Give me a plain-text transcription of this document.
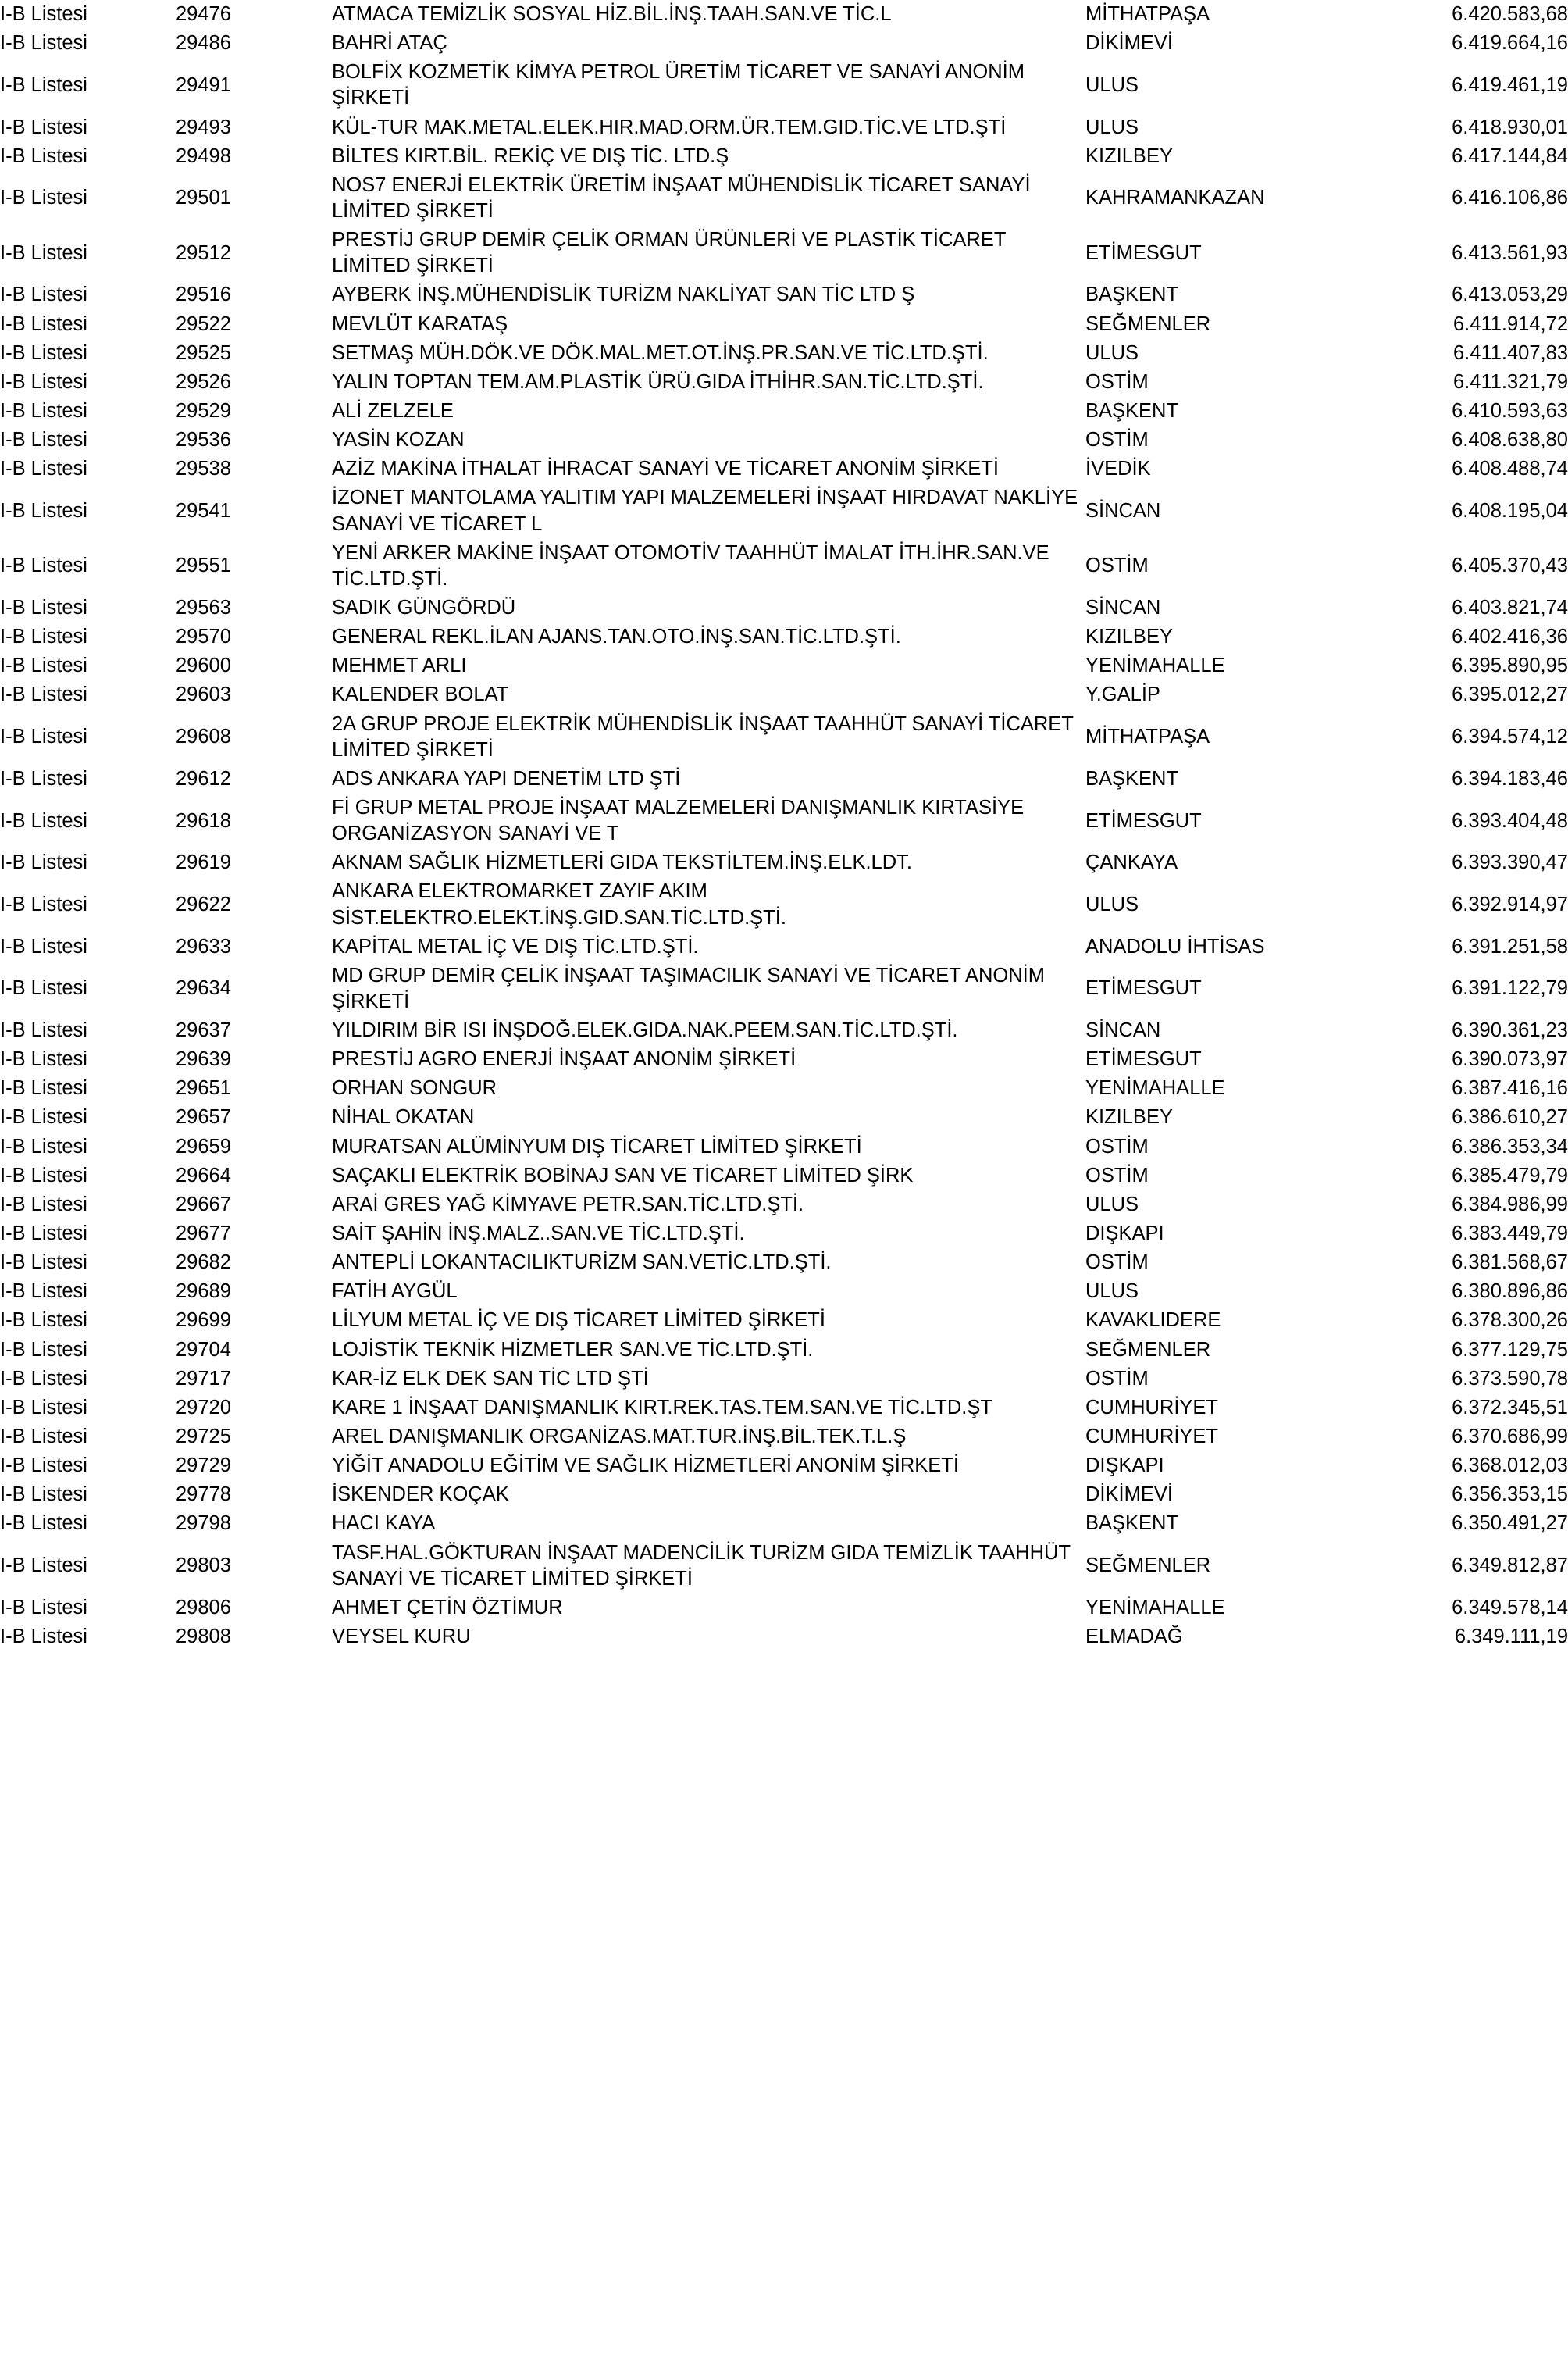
I-B Listesi	29476	ATMACA TEMİZLİK SOSYAL HİZ.BİL.İNŞ.TAAH.SAN.VE TİC.L	MİTHATPAŞA	6.420.583,68
I-B Listesi	29486	BAHRİ ATAÇ	DİKİMEVİ	6.419.664,16
I-B Listesi	29491	BOLFİX KOZMETİK KİMYA PETROL ÜRETİM TİCARET VE SANAYİ ANONİM ŞİRKETİ	ULUS	6.419.461,19
I-B Listesi	29493	KÜL-TUR MAK.METAL.ELEK.HIR.MAD.ORM.ÜR.TEM.GID.TİC.VE LTD.ŞTİ	ULUS	6.418.930,01
I-B Listesi	29498	BİLTES KIRT.BİL. REKİÇ VE DIŞ TİC. LTD.Ş	KIZILBEY	6.417.144,84
I-B Listesi	29501	NOS7 ENERJİ ELEKTRİK ÜRETİM İNŞAAT MÜHENDİSLİK TİCARET SANAYİ LİMİTED ŞİRKETİ	KAHRAMANKAZAN	6.416.106,86
I-B Listesi	29512	PRESTİJ GRUP DEMİR ÇELİK ORMAN ÜRÜNLERİ VE PLASTİK TİCARET LİMİTED ŞİRKETİ	ETİMESGUT	6.413.561,93
I-B Listesi	29516	AYBERK İNŞ.MÜHENDİSLİK TURİZM NAKLİYAT SAN TİC LTD Ş	BAŞKENT	6.413.053,29
I-B Listesi	29522	MEVLÜT KARATAŞ	SEĞMENLER	6.411.914,72
I-B Listesi	29525	SETMAŞ MÜH.DÖK.VE DÖK.MAL.MET.OT.İNŞ.PR.SAN.VE TİC.LTD.ŞTİ.	ULUS	6.411.407,83
I-B Listesi	29526	YALIN TOPTAN TEM.AM.PLASTİK ÜRÜ.GIDA İTHİHR.SAN.TİC.LTD.ŞTİ.	OSTİM	6.411.321,79
I-B Listesi	29529	ALİ ZELZELE	BAŞKENT	6.410.593,63
I-B Listesi	29536	YASİN KOZAN	OSTİM	6.408.638,80
I-B Listesi	29538	AZİZ MAKİNA İTHALAT İHRACAT SANAYİ VE TİCARET ANONİM ŞİRKETİ	İVEDİK	6.408.488,74
I-B Listesi	29541	İZONET MANTOLAMA YALITIM YAPI MALZEMELERİ İNŞAAT HIRDAVAT NAKLİYE SANAYİ VE TİCARET L	SİNCAN	6.408.195,04
I-B Listesi	29551	YENİ ARKER MAKİNE İNŞAAT OTOMOTİV TAAHHÜT İMALAT İTH.İHR.SAN.VE TİC.LTD.ŞTİ.	OSTİM	6.405.370,43
I-B Listesi	29563	SADIK GÜNGÖRDÜ	SİNCAN	6.403.821,74
I-B Listesi	29570	GENERAL REKL.İLAN AJANS.TAN.OTO.İNŞ.SAN.TİC.LTD.ŞTİ.	KIZILBEY	6.402.416,36
I-B Listesi	29600	MEHMET ARLI	YENİMAHALLE	6.395.890,95
I-B Listesi	29603	KALENDER BOLAT	Y.GALİP	6.395.012,27
I-B Listesi	29608	2A GRUP PROJE ELEKTRİK MÜHENDİSLİK İNŞAAT TAAHHÜT SANAYİ TİCARET LİMİTED ŞİRKETİ	MİTHATPAŞA	6.394.574,12
I-B Listesi	29612	ADS ANKARA YAPI DENETİM LTD ŞTİ	BAŞKENT	6.394.183,46
I-B Listesi	29618	Fİ GRUP METAL PROJE İNŞAAT MALZEMELERİ DANIŞMANLIK KIRTASİYE ORGANİZASYON SANAYİ VE T	ETİMESGUT	6.393.404,48
I-B Listesi	29619	AKNAM SAĞLIK HİZMETLERİ GIDA TEKSTİLTEM.İNŞ.ELK.LDT.	ÇANKAYA	6.393.390,47
I-B Listesi	29622	ANKARA ELEKTROMARKET ZAYIF AKIM SİST.ELEKTRO.ELEKT.İNŞ.GID.SAN.TİC.LTD.ŞTİ.	ULUS	6.392.914,97
I-B Listesi	29633	KAPİTAL METAL İÇ VE DIŞ TİC.LTD.ŞTİ.	ANADOLU İHTİSAS	6.391.251,58
I-B Listesi	29634	MD GRUP DEMİR ÇELİK İNŞAAT TAŞIMACILIK SANAYİ VE TİCARET ANONİM ŞİRKETİ	ETİMESGUT	6.391.122,79
I-B Listesi	29637	YILDIRIM BİR ISI İNŞDOĞ.ELEK.GIDA.NAK.PEEM.SAN.TİC.LTD.ŞTİ.	SİNCAN	6.390.361,23
I-B Listesi	29639	PRESTİJ AGRO ENERJİ İNŞAAT ANONİM ŞİRKETİ	ETİMESGUT	6.390.073,97
I-B Listesi	29651	ORHAN SONGUR	YENİMAHALLE	6.387.416,16
I-B Listesi	29657	NİHAL OKATAN	KIZILBEY	6.386.610,27
I-B Listesi	29659	MURATSAN ALÜMİNYUM DIŞ TİCARET LİMİTED ŞİRKETİ	OSTİM	6.386.353,34
I-B Listesi	29664	SAÇAKLI ELEKTRİK BOBİNAJ SAN VE TİCARET LİMİTED ŞİRK	OSTİM	6.385.479,79
I-B Listesi	29667	ARAİ GRES YAĞ KİMYAVE PETR.SAN.TİC.LTD.ŞTİ.	ULUS	6.384.986,99
I-B Listesi	29677	SAİT ŞAHİN İNŞ.MALZ..SAN.VE TİC.LTD.ŞTİ.	DIŞKAPI	6.383.449,79
I-B Listesi	29682	ANTEPLİ LOKANTACILIKTURİZM SAN.VETİC.LTD.ŞTİ.	OSTİM	6.381.568,67
I-B Listesi	29689	FATİH AYGÜL	ULUS	6.380.896,86
I-B Listesi	29699	LİLYUM METAL İÇ VE DIŞ TİCARET LİMİTED ŞİRKETİ	KAVAKLIDERE	6.378.300,26
I-B Listesi	29704	LOJİSTİK TEKNİK HİZMETLER SAN.VE TİC.LTD.ŞTİ.	SEĞMENLER	6.377.129,75
I-B Listesi	29717	KAR-İZ ELK DEK SAN TİC LTD ŞTİ	OSTİM	6.373.590,78
I-B Listesi	29720	KARE 1 İNŞAAT DANIŞMANLIK KIRT.REK.TAS.TEM.SAN.VE TİC.LTD.ŞT	CUMHURİYET	6.372.345,51
I-B Listesi	29725	AREL DANIŞMANLIK ORGANİZAS.MAT.TUR.İNŞ.BİL.TEK.T.L.Ş	CUMHURİYET	6.370.686,99
I-B Listesi	29729	YİĞİT ANADOLU EĞİTİM VE SAĞLIK HİZMETLERİ ANONİM ŞİRKETİ	DIŞKAPI	6.368.012,03
I-B Listesi	29778	İSKENDER KOÇAK	DİKİMEVİ	6.356.353,15
I-B Listesi	29798	HACI KAYA	BAŞKENT	6.350.491,27
I-B Listesi	29803	TASF.HAL.GÖKTURAN İNŞAAT MADENCİLİK TURİZM GIDA TEMİZLİK TAAHHÜT SANAYİ VE TİCARET LİMİTED ŞİRKETİ	SEĞMENLER	6.349.812,87
I-B Listesi	29806	AHMET ÇETİN ÖZTİMUR	YENİMAHALLE	6.349.578,14
I-B Listesi	29808	VEYSEL KURU	ELMADAĞ	6.349.111,19
